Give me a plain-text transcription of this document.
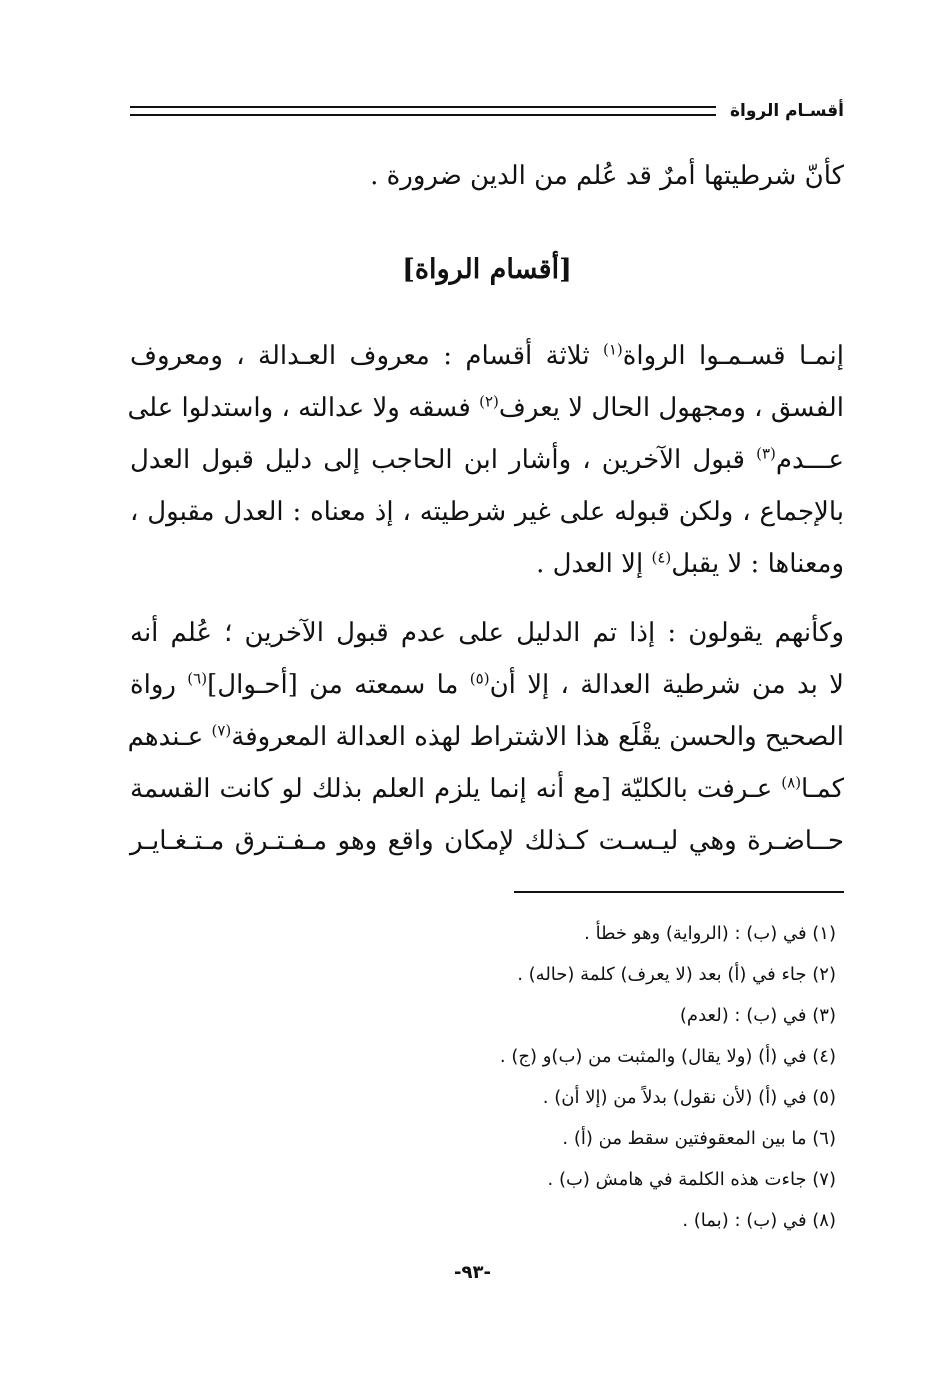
أقسـام الرواة
كأنّ شرطيتها أمرٌ قد عُلم من الدين ضرورة .
[أقسام الرواة]
إنمـا قسـمـوا الرواة$^{(١)}$ ثلاثة أقسام : معروف العـدالة ، ومعروف
الفسق ، ومجهول الحال لا يعرف$^{(٢)}$ فسقه ولا عدالته ، واستدلوا على
عـــدم$^{(٣)}$ قبول الآخرين ، وأشار ابن الحاجب إلى دليل قبول العدل
بالإجماع ، ولكن قبوله على غير شرطيته ، إذ معناه : العدل مقبول ،
ومعناها : لا يقبل$^{(٤)}$ إلا العدل .
وكأنهم يقولون : إذا تم الدليل على عدم قبول الآخرين ؛ عُلم أنه
لا بد من شرطية العدالة ، إلا أن$^{(٥)}$ ما سمعته من [أحـوال]$^{(٦)}$ رواة
الصحيح والحسن يقْلَع هذا الاشتراط لهذه العدالة المعروفة$^{(٧)}$ عـندهم
كمـا$^{(٨)}$ عـرفت بالكليّة [مع أنه إنما يلزم العلم بذلك لو كانت القسمة
حــاضـرة وهي ليـسـت كـذلك لإمكان واقع وهو مـفـتـرق مـتـغـايـر
(١) في (ب) : (الرواية) وهو خطأ .
(٢) جاء في (أ) بعد (لا يعرف) كلمة (حاله) .
(٣) في (ب) : (لعدم)
(٤) في (أ) (ولا يقال) والمثبت من (ب)و (ج) .
(٥) في (أ) (لأن نقول) بدلاً من (إلا أن) .
(٦) ما بين المعقوفتين سقط من (أ) .
(٧) جاءت هذه الكلمة في هامش (ب) .
(٨) في (ب) : (بما) .
-٩٣-
